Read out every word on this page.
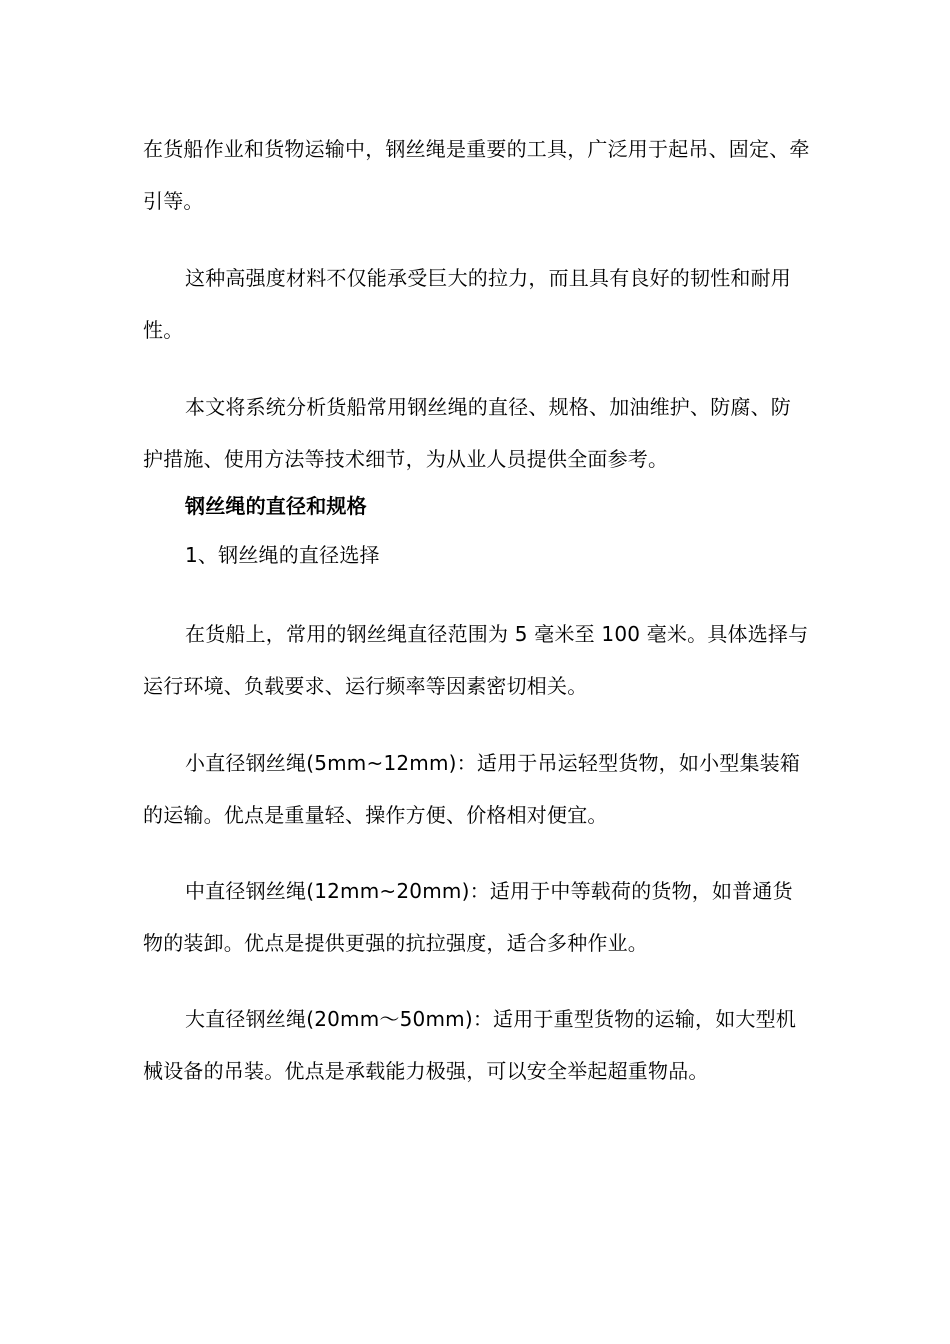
在货船作业和货物运输中，钢丝绳是重要的工具，广泛用于起吊、固定、牵引等。

这种高强度材料不仅能承受巨大的拉力，而且具有良好的韧性和耐用性。

本文将系统分析货船常用钢丝绳的直径、规格、加油维护、防腐、防护措施、使用方法等技术细节，为从业人员提供全面参考。

钢丝绳的直径和规格

1、钢丝绳的直径选择

在货船上，常用的钢丝绳直径范围为 5 毫米至 100 毫米。具体选择与运行环境、负载要求、运行频率等因素密切相关。

小直径钢丝绳(5mm~12mm)：适用于吊运轻型货物，如小型集装箱的运输。优点是重量轻、操作方便、价格相对便宜。

中直径钢丝绳(12mm~20mm)：适用于中等载荷的货物，如普通货物的装卸。优点是提供更强的抗拉强度，适合多种作业。

大直径钢丝绳(20mm～50mm)：适用于重型货物的运输，如大型机械设备的吊装。优点是承载能力极强，可以安全举起超重物品。
